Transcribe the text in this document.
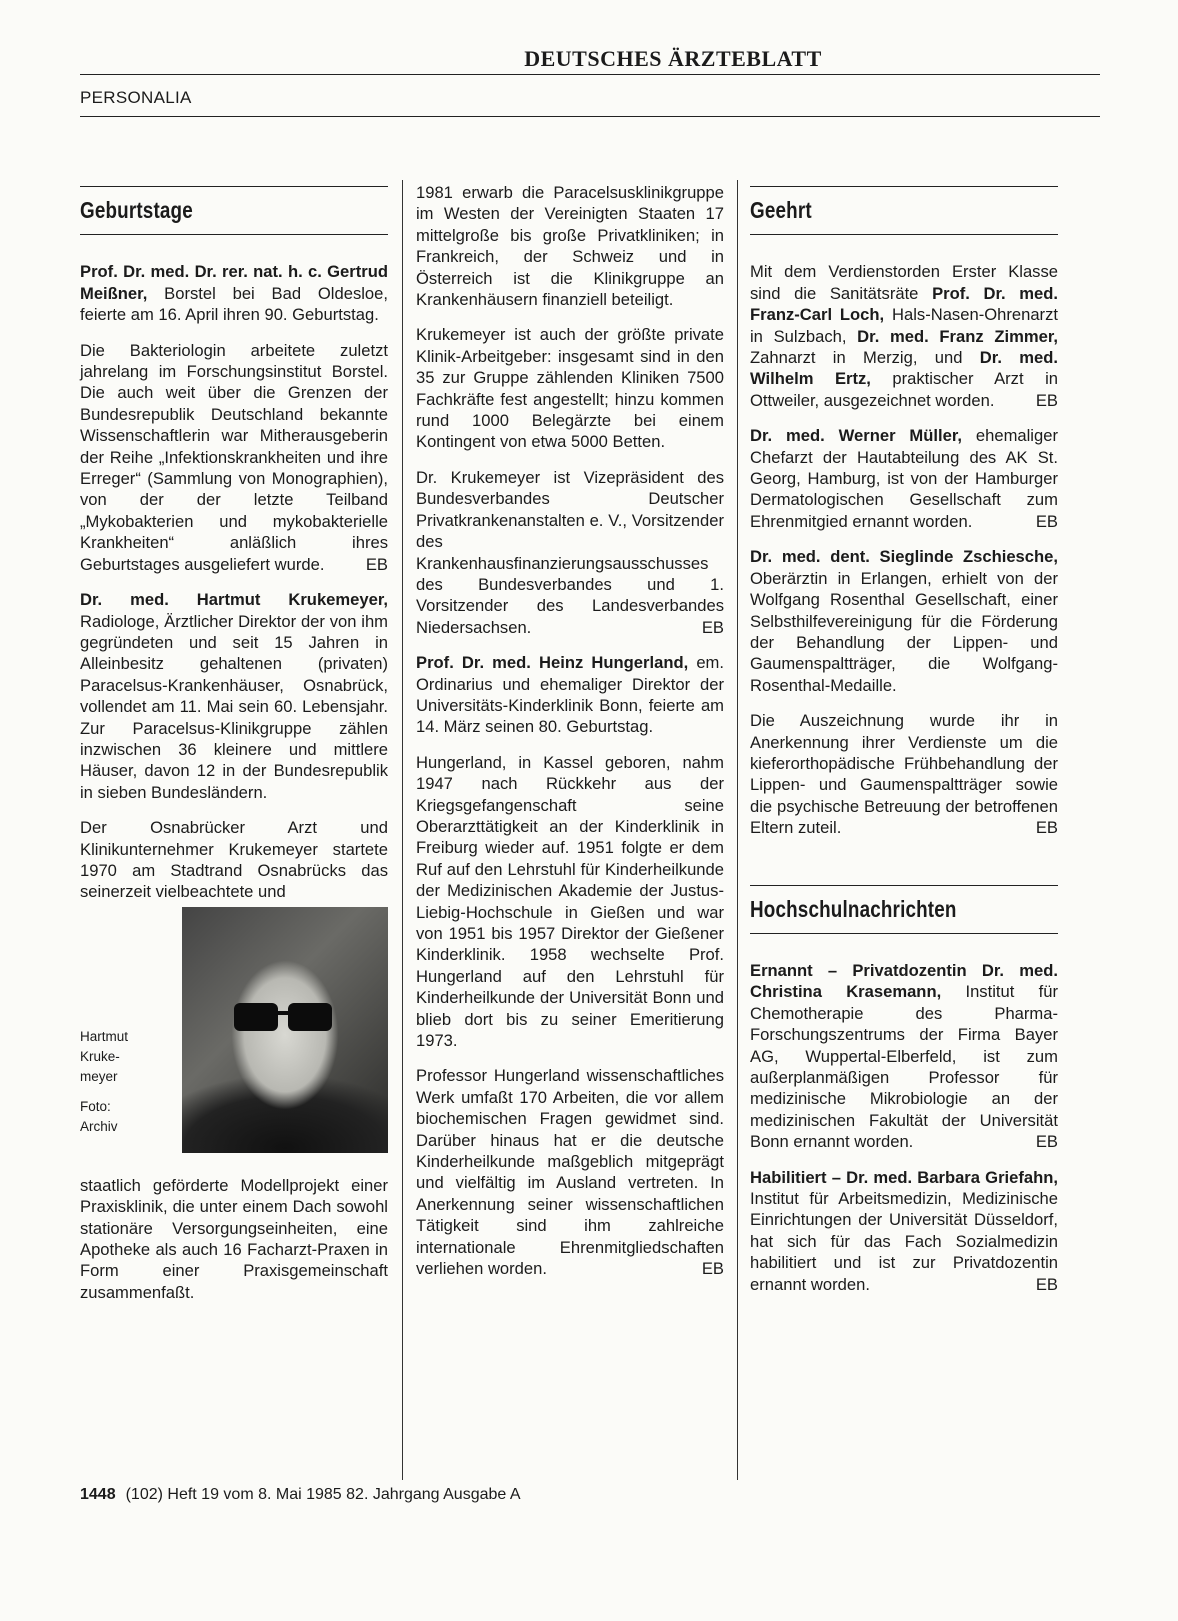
DEUTSCHES ÄRZTEBLATT
PERSONALIA
Geburtstage

Prof. Dr. med. Dr. rer. nat. h. c. Gertrud Meißner, Borstel bei Bad Oldesloe, feierte am 16. April ihren 90. Geburtstag.

Die Bakteriologin arbeitete zuletzt jahrelang im Forschungsinstitut Borstel. Die auch weit über die Grenzen der Bundesrepublik Deutschland bekannte Wissenschaftlerin war Mitherausgeberin der Reihe „Infektionskrankheiten und ihre Erreger“ (Sammlung von Monographien), von der der letzte Teilband „Mykobakterien und mykobakterielle Krankheiten“ anläßlich ihres Geburtstages ausgeliefert wurde. EB

Dr. med. Hartmut Krukemeyer, Radiologe, Ärztlicher Direktor der von ihm gegründeten und seit 15 Jahren in Alleinbesitz gehaltenen (privaten) Paracelsus-Krankenhäuser, Osnabrück, vollendet am 11. Mai sein 60. Lebensjahr. Zur Paracelsus-Klinikgruppe zählen inzwischen 36 kleinere und mittlere Häuser, davon 12 in der Bundesrepublik in sieben Bundesländern.

Der Osnabrücker Arzt und Klinikunternehmer Krukemeyer startete 1970 am Stadtrand Osnabrücks das seinerzeit vielbeachtete und

Hartmut
Kruke-
meyer
Foto:
Archiv

staatlich geförderte Modellprojekt einer Praxisklinik, die unter einem Dach sowohl stationäre Versorgungseinheiten, eine Apotheke als auch 16 Facharzt-Praxen in Form einer Praxisgemeinschaft zusammenfaßt.

1981 erwarb die Paracelsusklinikgruppe im Westen der Vereinigten Staaten 17 mittelgroße bis große Privatkliniken; in Frankreich, der Schweiz und in Österreich ist die Klinikgruppe an Krankenhäusern finanziell beteiligt.

Krukemeyer ist auch der größte private Klinik-Arbeitgeber: insgesamt sind in den 35 zur Gruppe zählenden Kliniken 7500 Fachkräfte fest angestellt; hinzu kommen rund 1000 Belegärzte bei einem Kontingent von etwa 5000 Betten.

Dr. Krukemeyer ist Vizepräsident des Bundesverbandes Deutscher Privatkrankenanstalten e. V., Vorsitzender des Krankenhausfinanzierungsausschusses des Bundesverbandes und 1. Vorsitzender des Landesverbandes Niedersachsen.	EB

Prof. Dr. med. Heinz Hungerland, em. Ordinarius und ehemaliger Direktor der Universitäts-Kinderklinik Bonn, feierte am 14. März seinen 80. Geburtstag.

Hungerland, in Kassel geboren, nahm 1947 nach Rückkehr aus der Kriegsgefangenschaft seine Oberarzttätigkeit an der Kinderklinik in Freiburg wieder auf. 1951 folgte er dem Ruf auf den Lehrstuhl für Kinderheilkunde der Medizinischen Akademie der Justus-Liebig-Hochschule in Gießen und war von 1951 bis 1957 Direktor der Gießener Kinderklinik. 1958 wechselte Prof. Hungerland auf den Lehrstuhl für Kinderheilkunde der Universität Bonn und blieb dort bis zu seiner Emeritierung 1973.

Professor Hungerland wissenschaftliches Werk umfaßt 170 Arbeiten, die vor allem biochemischen Fragen gewidmet sind. Darüber hinaus hat er die deutsche Kinderheilkunde maßgeblich mitgeprägt und vielfältig im Ausland vertreten. In Anerkennung seiner wissenschaftlichen Tätigkeit sind ihm zahlreiche internationale Ehrenmitgliedschaften verliehen worden.	EB

Geehrt

Mit dem Verdienstorden Erster Klasse sind die Sanitätsräte Prof. Dr. med. Franz-Carl Loch, Hals-Nasen-Ohrenarzt in Sulzbach, Dr. med. Franz Zimmer, Zahnarzt in Merzig, und Dr. med. Wilhelm Ertz, praktischer Arzt in Ottweiler, ausgezeichnet worden. EB

Dr. med. Werner Müller, ehemaliger Chefarzt der Hautabteilung des AK St. Georg, Hamburg, ist von der Hamburger Dermatologischen Gesellschaft zum Ehrenmitgied ernannt worden.	EB

Dr. med. dent. Sieglinde Zschiesche, Oberärztin in Erlangen, erhielt von der Wolfgang Rosenthal Gesellschaft, einer Selbsthilfevereinigung für die Förderung der Behandlung der Lippen- und Gaumenspaltträger, die Wolfgang-Rosenthal-Medaille.

Die Auszeichnung wurde ihr in Anerkennung ihrer Verdienste um die kieferorthopädische Frühbehandlung der Lippen- und Gaumenspaltträger sowie die psychische Betreuung der betroffenen Eltern zuteil.	EB

Hochschulnachrichten

Ernannt – Privatdozentin Dr. med. Christina Krasemann, Institut für Chemotherapie des Pharma-Forschungszentrums der Firma Bayer AG, Wuppertal-Elberfeld, ist zum außerplanmäßigen Professor für medizinische Mikrobiologie an der medizinischen Fakultät der Universität Bonn ernannt worden.	EB

Habilitiert – Dr. med. Barbara Griefahn, Institut für Arbeitsmedizin, Medizinische Einrichtungen der Universität Düsseldorf, hat sich für das Fach Sozialmedizin habilitiert und ist zur Privatdozentin ernannt worden.	EB

1448 (102) Heft 19 vom 8. Mai 1985 82. Jahrgang Ausgabe A
